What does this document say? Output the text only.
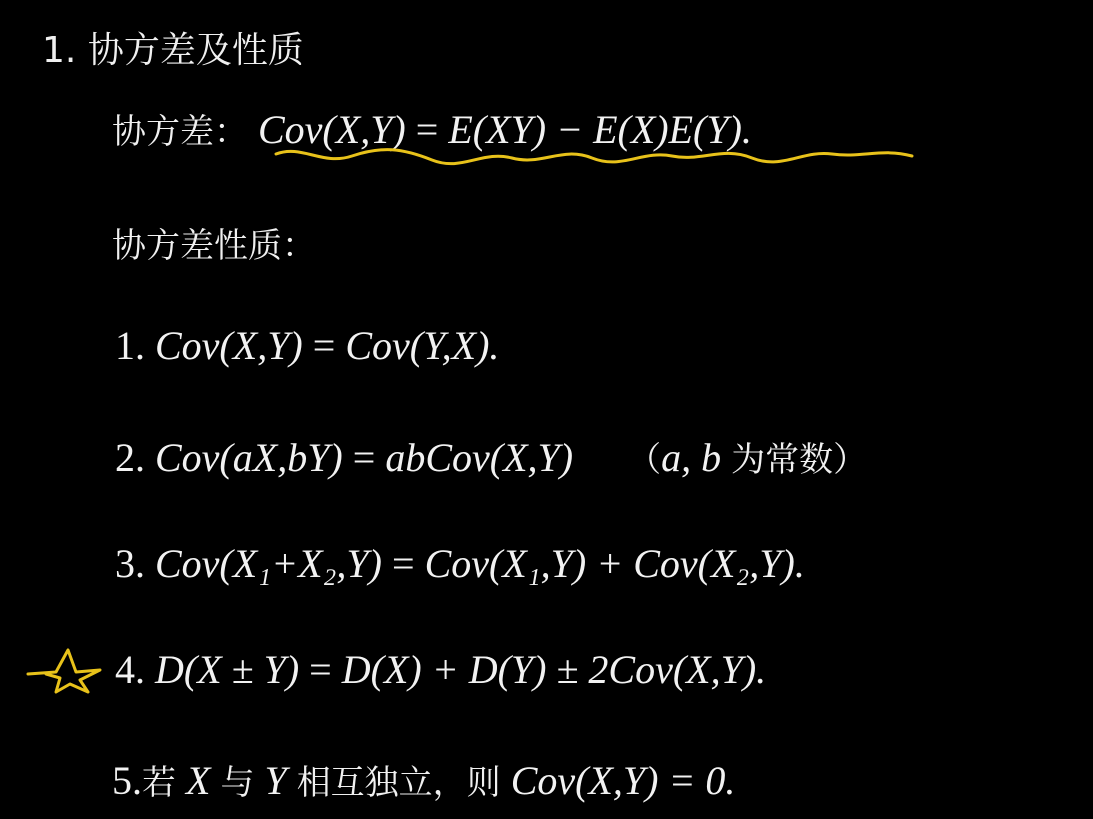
1. 协方差及性质
协方差： Cov(X,Y) = E(XY) − E(X)E(Y).
协方差性质：
1. Cov(X,Y) = Cov(Y,X).
2. Cov(aX,bY) = abCov(X,Y) （a, b 为常数）
3. Cov(X₁+X₂,Y) = Cov(X₁,Y) + Cov(X₂,Y).
4. D(X ± Y) = D(X) + D(Y) ± 2Cov(X,Y).
5.若 X 与 Y 相互独立，则 Cov(X,Y) = 0.
